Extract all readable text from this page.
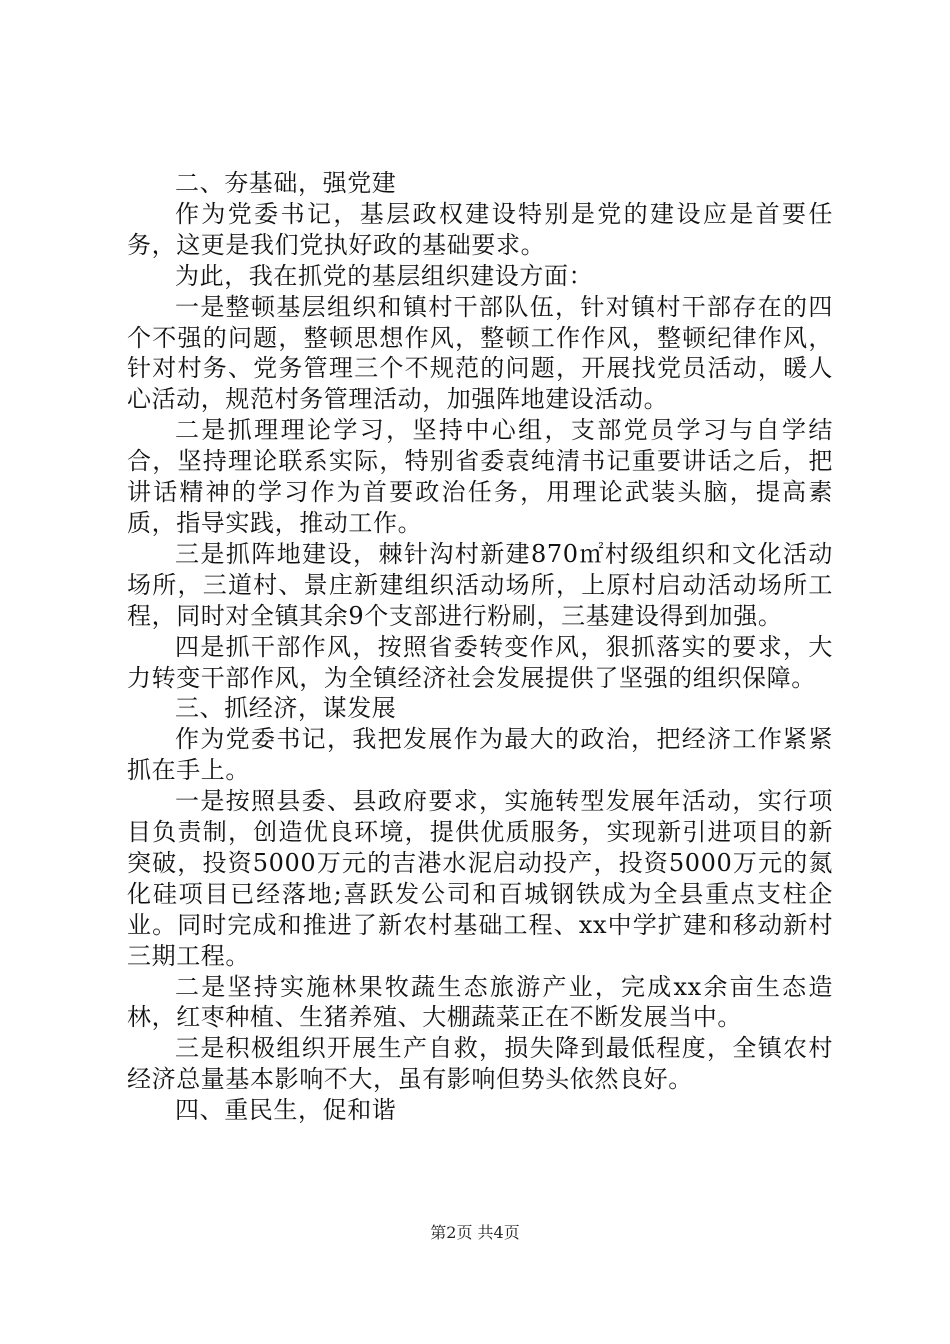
二、夯基础，强党建

作为党委书记，基层政权建设特别是党的建设应是首要任务，这更是我们党执好政的基础要求。

为此，我在抓党的基层组织建设方面：

一是整顿基层组织和镇村干部队伍，针对镇村干部存在的四个不强的问题，整顿思想作风，整顿工作作风，整顿纪律作风，针对村务、党务管理三个不规范的问题，开展找党员活动，暖人心活动，规范村务管理活动，加强阵地建设活动。

二是抓理理论学习，坚持中心组，支部党员学习与自学结合，坚持理论联系实际，特别省委袁纯清书记重要讲话之后，把讲话精神的学习作为首要政治任务，用理论武装头脑，提高素质，指导实践，推动工作。

三是抓阵地建设，棘针沟村新建870㎡村级组织和文化活动场所，三道村、景庄新建组织活动场所，上原村启动活动场所工程，同时对全镇其余9个支部进行粉刷，三基建设得到加强。

四是抓干部作风，按照省委转变作风，狠抓落实的要求，大力转变干部作风，为全镇经济社会发展提供了坚强的组织保障。

三、抓经济，谋发展

作为党委书记，我把发展作为最大的政治，把经济工作紧紧抓在手上。

一是按照县委、县政府要求，实施转型发展年活动，实行项目负责制，创造优良环境，提供优质服务，实现新引进项目的新突破，投资5000万元的吉港水泥启动投产，投资5000万元的氮化硅项目已经落地;喜跃发公司和百城钢铁成为全县重点支柱企业。同时完成和推进了新农村基础工程、xx中学扩建和移动新村三期工程。

二是坚持实施林果牧蔬生态旅游产业，完成xx余亩生态造林，红枣种植、生猪养殖、大棚蔬菜正在不断发展当中。

三是积极组织开展生产自救，损失降到最低程度，全镇农村经济总量基本影响不大，虽有影响但势头依然良好。

四、重民生，促和谐

第2页 共4页
